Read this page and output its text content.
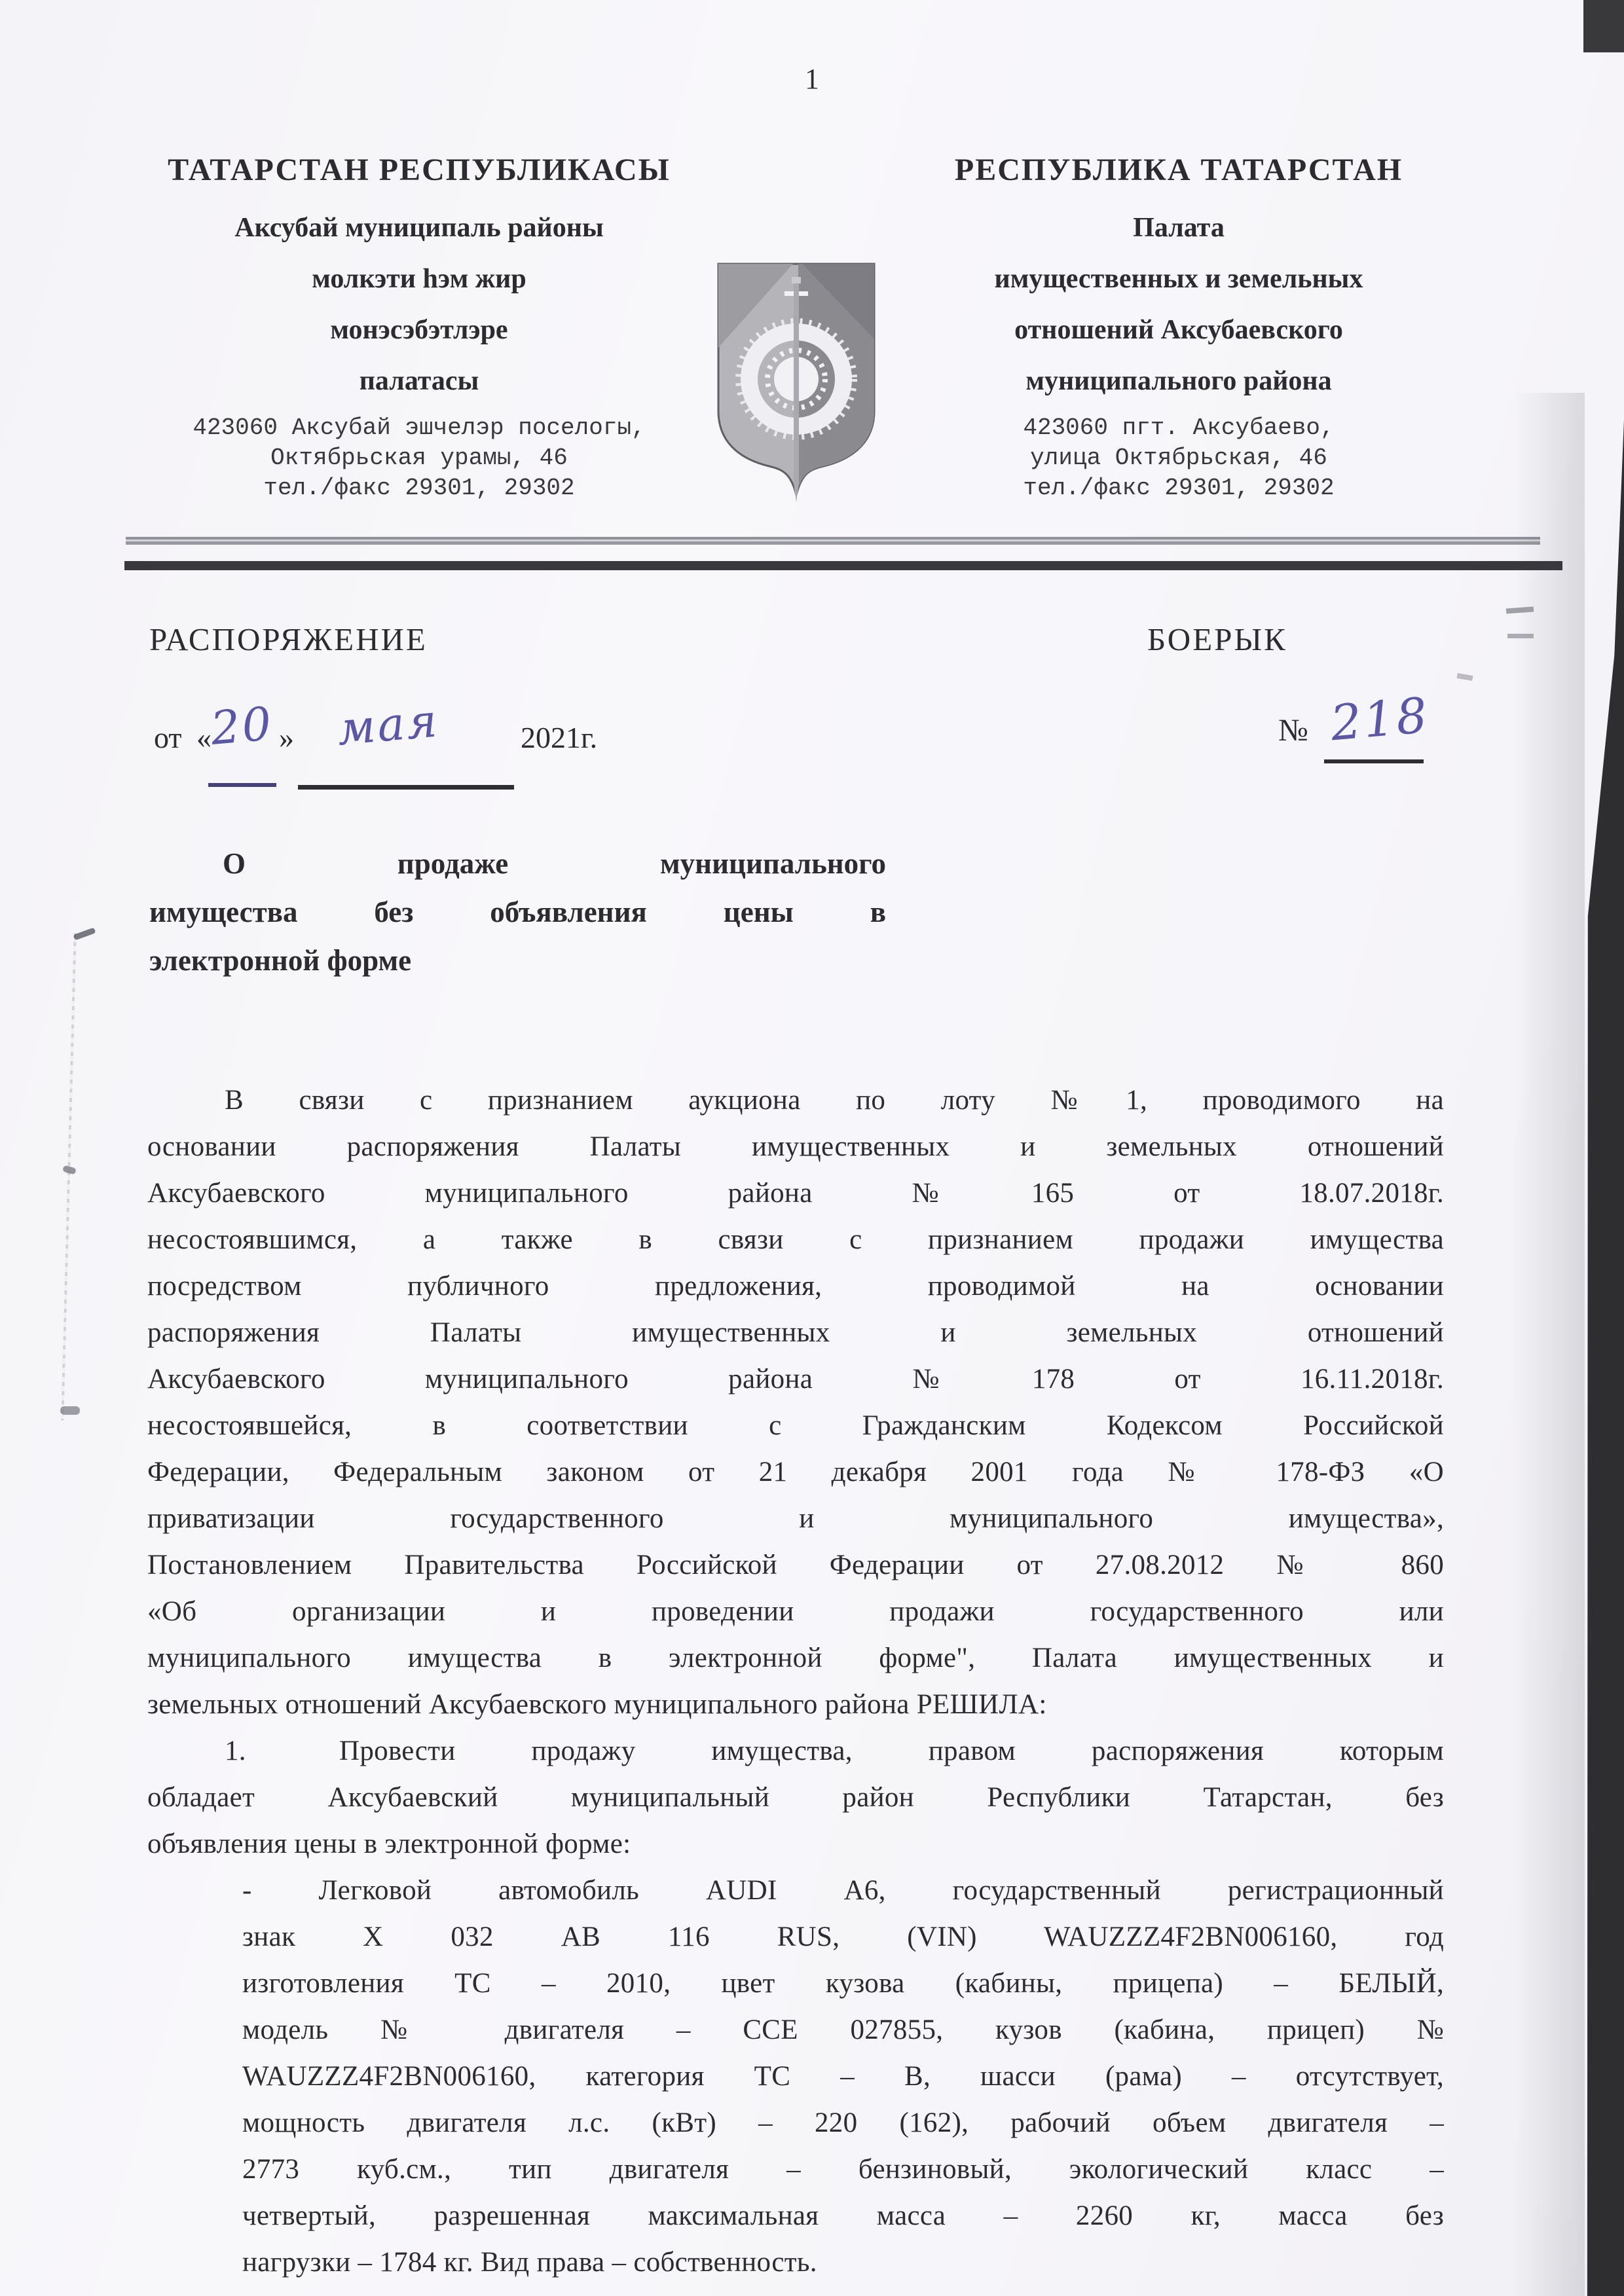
1
ТАТАРСТАН РЕСПУБЛИКАСЫ
Аксубай муниципаль районы
молкэти һэм жир
монэсэбэтлэре
палатасы
423060 Аксубай эшчелэр поселогы,
Октябрьская урамы, 46
тел./факс 29301, 29302
РЕСПУБЛИКА ТАТАРСТАН
Палата
имущественных и земельных
отношений Аксубаевского
муниципального района
423060 пгт. Аксубаево,
улица Октябрьская, 46
тел./факс 29301, 29302
РАСПОРЯЖЕНИЕ	БОЕРЫК
от «
20 » мая	2021г.	№ 218
О продаже муниципального
имущества без объявления цены в
электронной форме
В связи с признанием аукциона по лоту №1, проводимого на
основании распоряжения Палаты имущественных и земельных отношений
Аксубаевского муниципального района №165 от 18.07.2018г.
несостоявшимся, а также в связи с признанием продажи имущества
посредством публичного предложения, проводимой на основании
распоряжения Палаты имущественных и земельных отношений
Аксубаевского муниципального района №178 от 16.11.2018г.
несостоявшейся, в соответствии с Гражданским Кодексом Российской
Федерации, Федеральным законом от 21 декабря 2001 года № 178-ФЗ «О
приватизации государственного и муниципального имущества»,
Постановлением Правительства Российской Федерации от 27.08.2012 № 860
«Об организации и проведении продажи государственного или
муниципального имущества в электронной форме", Палата имущественных и
земельных отношений Аксубаевского муниципального района РЕШИЛА:
1.	Провести продажу имущества, правом распоряжения которым
обладает Аксубаевский муниципальный район Республики Татарстан, без
объявления цены в электронной форме:
- Легковой автомобиль AUDI А6, государственный регистрационный
знак Х 032 АВ 116 RUS, (VIN) WAUZZZ4F2BN006160, год
изготовления ТС – 2010, цвет кузова (кабины, прицепа) – БЕЛЫЙ,
модель № двигателя – ССЕ 027855, кузов (кабина, прицеп) №
WAUZZZ4F2BN006160, категория ТС – В, шасси (рама) – отсутствует,
мощность двигателя л.с. (кВт) – 220 (162), рабочий объем двигателя –
2773 куб.см., тип двигателя – бензиновый, экологический класс –
четвертый, разрешенная максимальная масса – 2260 кг, масса без
нагрузки – 1784 кг. Вид права – собственность.
